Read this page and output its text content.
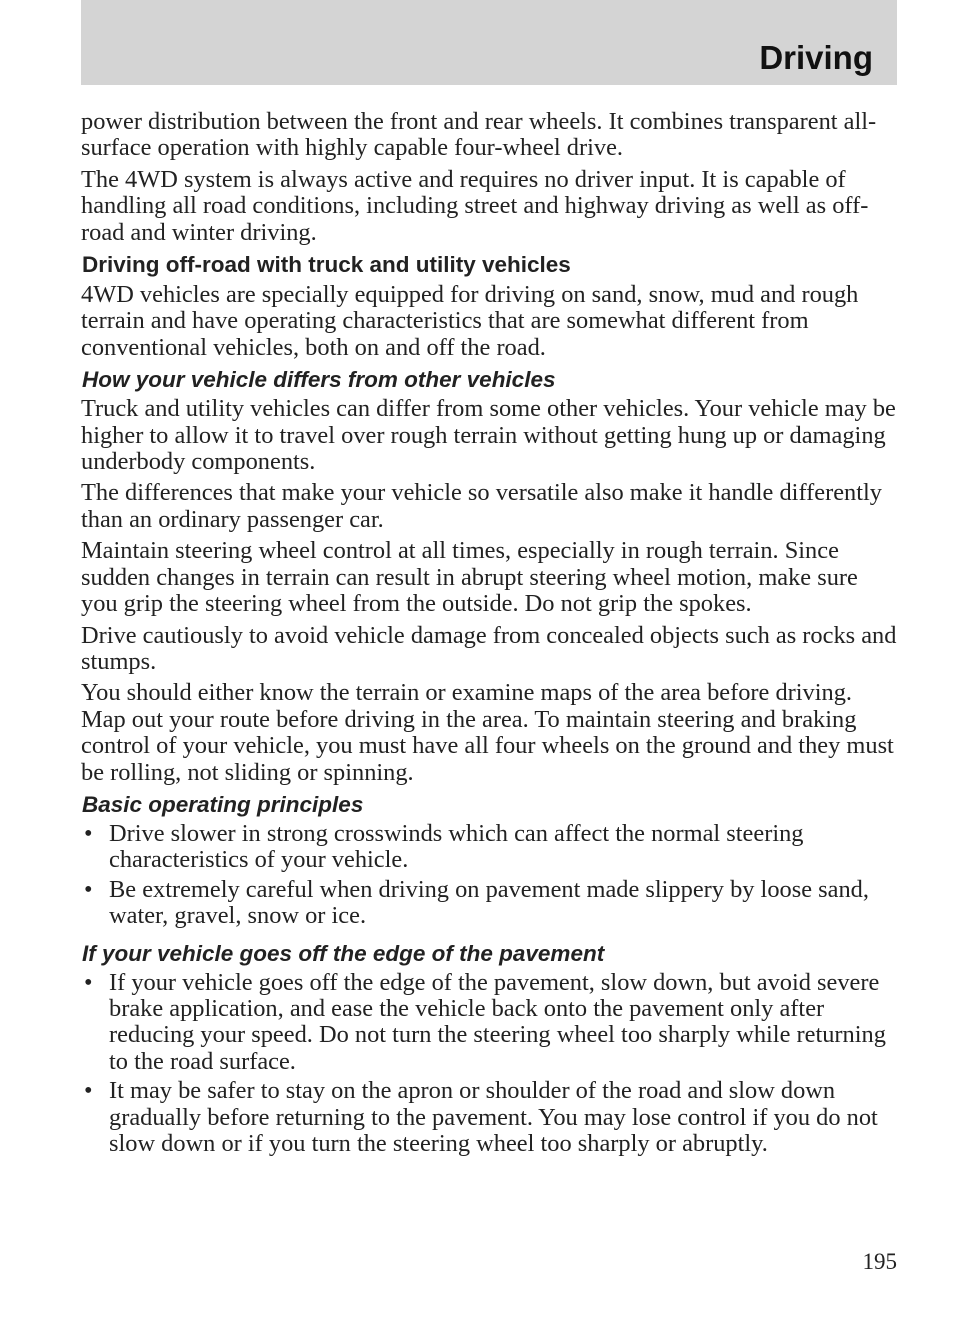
Driving

power distribution between the front and rear wheels. It combines transparent all-surface operation with highly capable four-wheel drive.

The 4WD system is always active and requires no driver input. It is capable of handling all road conditions, including street and highway driving as well as off-road and winter driving.

Driving off-road with truck and utility vehicles

4WD vehicles are specially equipped for driving on sand, snow, mud and rough terrain and have operating characteristics that are somewhat different from conventional vehicles, both on and off the road.

How your vehicle differs from other vehicles

Truck and utility vehicles can differ from some other vehicles. Your vehicle may be higher to allow it to travel over rough terrain without getting hung up or damaging underbody components.

The differences that make your vehicle so versatile also make it handle differently than an ordinary passenger car.

Maintain steering wheel control at all times, especially in rough terrain. Since sudden changes in terrain can result in abrupt steering wheel motion, make sure you grip the steering wheel from the outside. Do not grip the spokes.

Drive cautiously to avoid vehicle damage from concealed objects such as rocks and stumps.

You should either know the terrain or examine maps of the area before driving. Map out your route before driving in the area. To maintain steering and braking control of your vehicle, you must have all four wheels on the ground and they must be rolling, not sliding or spinning.

Basic operating principles
• Drive slower in strong crosswinds which can affect the normal steering characteristics of your vehicle.
• Be extremely careful when driving on pavement made slippery by loose sand, water, gravel, snow or ice.
If your vehicle goes off the edge of the pavement
• If your vehicle goes off the edge of the pavement, slow down, but avoid severe brake application, and ease the vehicle back onto the pavement only after reducing your speed. Do not turn the steering wheel too sharply while returning to the road surface.
• It may be safer to stay on the apron or shoulder of the road and slow down gradually before returning to the pavement. You may lose control if you do not slow down or if you turn the steering wheel too sharply or abruptly.
195
